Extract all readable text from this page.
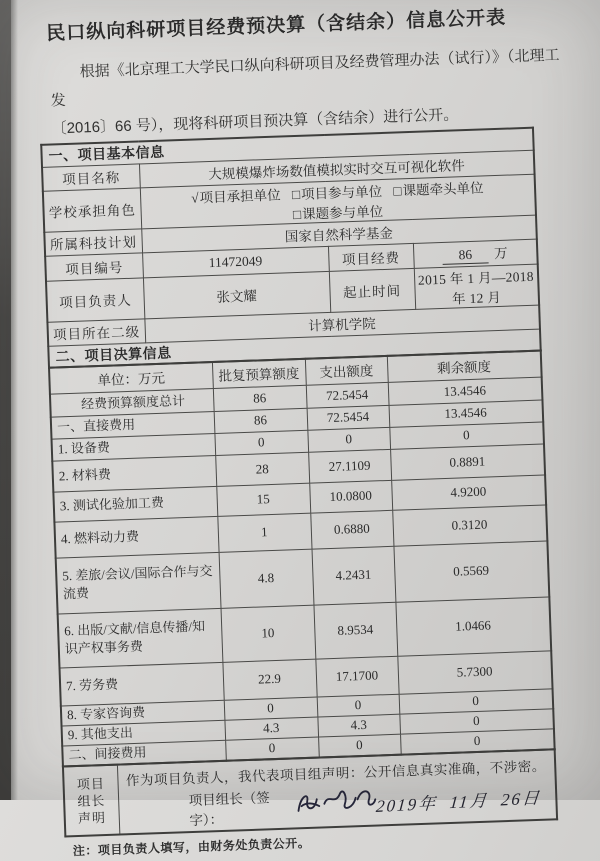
民口纵向科研项目经费预决算（含结余）信息公开表

根据《北京理工大学民口纵向科研项目及经费管理办法（试行）》（北理工发
〔2016〕66 号），现将科研项目预决算（含结余）进行公开。

一、项目基本信息			
项目名称	大规模爆炸场数值模拟实时交互可视化软件		
学校承担角色	√项目承担单位 □项目参与单位 □课题牵头单位 □课题参与单位		
所属科技计划	国家自然科学基金		
项目编号	11472049	项目经费	86 万
项目负责人	张文耀	起止时间	2015 年 1 月—2018 年 12 月
项目所在二级	计算机学院		
二、项目决算信息			
单位：万元	批复预算额度	支出额度	剩余额度
经费预算额度总计	86	72.5454	13.4546
一、直接费用	86	72.5454	13.4546
1. 设备费	0	0	0
2. 材料费	28	27.1109	0.8891
3. 测试化验加工费	15	10.0800	4.9200
4. 燃料动力费	1	0.6880	0.3120
5. 差旅/会议/国际合作与交流费	4.8	4.2431	0.5569
6. 出版/文献/信息传播/知识产权事务费	10	8.9534	1.0466
7. 劳务费	22.9	17.1700	5.7300
8. 专家咨询费	0	0	0
9. 其他支出	4.3	4.3	0
二、间接费用	0	0	0
项目
组长
声明

作为项目负责人，我代表项目组声明：公开信息真实准确，不涉密。
项目组长（签字）：
2019年  11月  26日

注：项目负责人填写，由财务处负责公开。
